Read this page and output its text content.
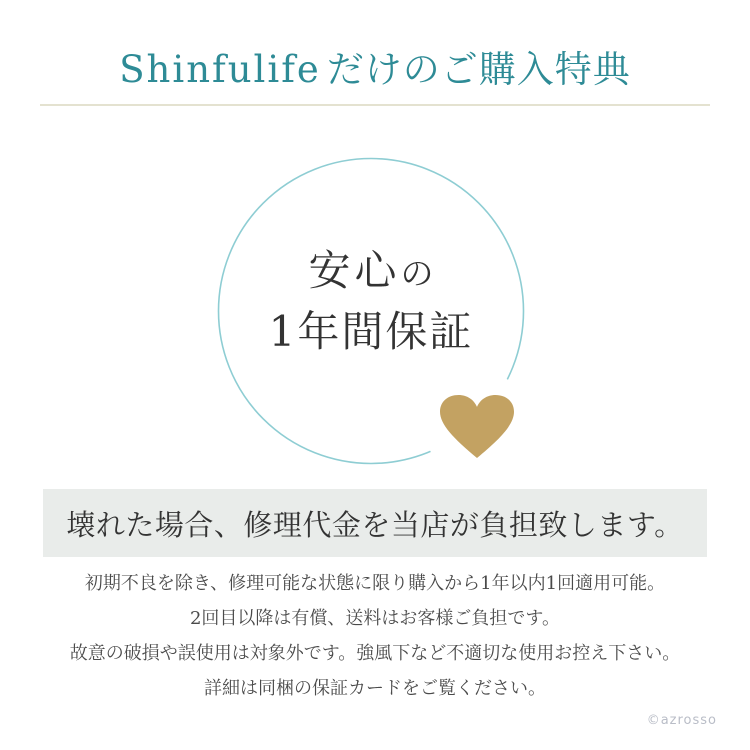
Shinfulife だけのご購入特典
安心の
1年間保証

壊れた場合、修理代金を当店が負担致します。

初期不良を除き、修理可能な状態に限り購入から1年以内1回適用可能。

2回目以降は有償、送料はお客様ご負担です。

故意の破損や誤使用は対象外です。強風下など不適切な使用お控え下さい。

詳細は同梱の保証カードをご覧ください。

©azrosso
